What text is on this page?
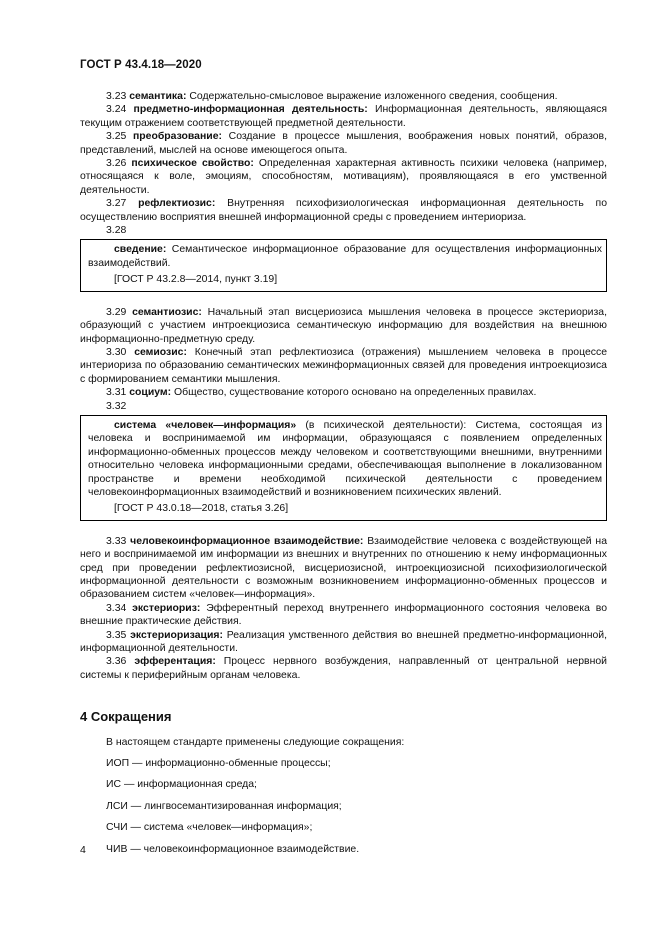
ГОСТ Р 43.4.18—2020

3.23 семантика: Содержательно-смысловое выражение изложенного сведения, сообщения.

3.24 предметно-информационная деятельность: Информационная деятельность, являющаяся текущим отражением соответствующей предметной деятельности.

3.25 преобразование: Создание в процессе мышления, воображения новых понятий, образов, представлений, мыслей на основе имеющегося опыта.

3.26 психическое свойство: Определенная характерная активность психики человека (например, относящаяся к воле, эмоциям, способностям, мотивациям), проявляющаяся в его умственной деятельности.

3.27 рефлектиозис: Внутренняя психофизиологическая информационная деятельность по осуществлению восприятия внешней информационной среды с проведением интериориза.

3.28

сведение: Семантическое информационное образование для осуществления информационных взаимодействий.

[ГОСТ Р 43.2.8—2014, пункт 3.19]

3.29 семантиозис: Начальный этап висцериозиса мышления человека в процессе экстериориза, образующий с участием интроекциозиса семантическую информацию для воздействия на внешнюю информационно-предметную среду.

3.30 семиозис: Конечный этап рефлектиозиса (отражения) мышлением человека в процессе интериориза по образованию семантических межинформационных связей для проведения интроекциозиса с формированием семантики мышления.

3.31 социум: Общество, существование которого основано на определенных правилах.

3.32

система «человек—информация» (в психической деятельности): Система, состоящая из человека и воспринимаемой им информации, образующаяся с появлением определенных информационно-обменных процессов между человеком и соответствующими внешними, внутренними относительно человека информационными средами, обеспечивающая выполнение в локализованном пространстве и времени необходимой психической деятельности с проведением человекоинформационных взаимодействий и возникновением психических явлений.

[ГОСТ Р 43.0.18—2018, статья 3.26]

3.33 человекоинформационное взаимодействие: Взаимодействие человека с воздействующей на него и воспринимаемой им информации из внешних и внутренних по отношению к нему информационных сред при проведении рефлектиозисной, висцериозисной, интроекциозисной психофизиологической информационной деятельности с возможным возникновением информационно-обменных процессов и образованием систем «человек—информация».

3.34 экстериориз: Эфферентный переход внутреннего информационного состояния человека во внешние практические действия.

3.35 экстериоризация: Реализация умственного действия во внешней предметно-информационной, информационной деятельности.

3.36 эфферентация: Процесс нервного возбуждения, направленный от центральной нервной системы к периферийным органам человека.

4 Сокращения

В настоящем стандарте применены следующие сокращения:

ИОП — информационно-обменные процессы;

ИС — информационная среда;

ЛСИ — лингвосемантизированная информация;

СЧИ — система «человек—информация»;

ЧИВ — человекоинформационное взаимодействие.

4
